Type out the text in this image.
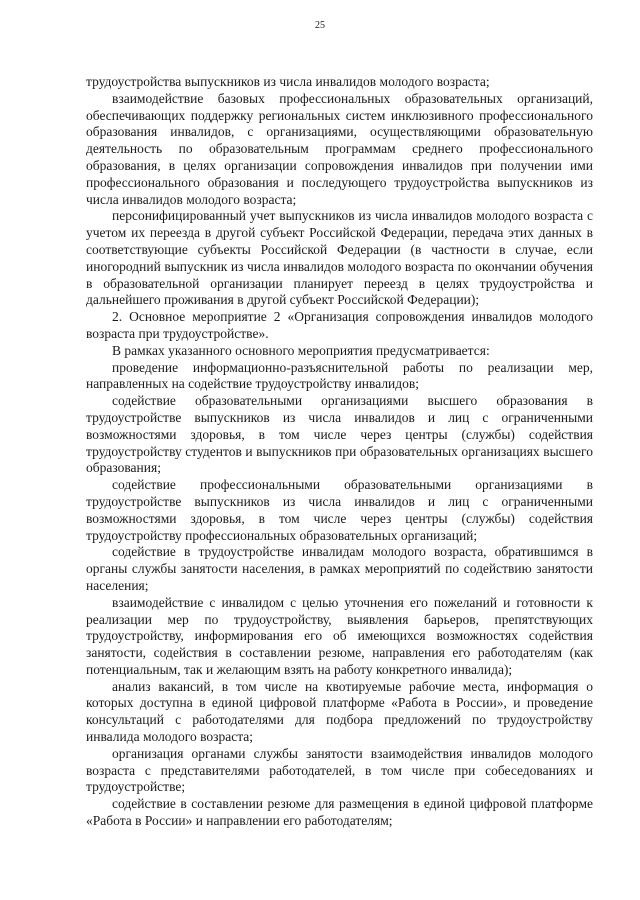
25

трудоустройства выпускников из числа инвалидов молодого возраста;

взаимодействие базовых профессиональных образовательных организаций, обеспечивающих поддержку региональных систем инклюзивного профессионального образования инвалидов, с организациями, осуществляющими образовательную деятельность по образовательным программам среднего профессионального образования, в целях организации сопровождения инвалидов при получении ими профессионального образования и последующего трудоустройства выпускников из числа инвалидов молодого возраста;

персонифицированный учет выпускников из числа инвалидов молодого возраста с учетом их переезда в другой субъект Российской Федерации, передача этих данных в соответствующие субъекты Российской Федерации (в частности в случае, если иногородний выпускник из числа инвалидов молодого возраста по окончании обучения в образовательной организации планирует переезд в целях трудоустройства и дальнейшего проживания в другой субъект Российской Федерации);

2. Основное мероприятие 2 «Организация сопровождения инвалидов молодого возраста при трудоустройстве».

В рамках указанного основного мероприятия предусматривается:

проведение информационно-разъяснительной работы по реализации мер, направленных на содействие трудоустройству инвалидов;

содействие образовательными организациями высшего образования в трудоустройстве выпускников из числа инвалидов и лиц с ограниченными возможностями здоровья, в том числе через центры (службы) содействия трудоустройству студентов и выпускников при образовательных организациях высшего образования;

содействие профессиональными образовательными организациями в трудоустройстве выпускников из числа инвалидов и лиц с ограниченными возможностями здоровья, в том числе через центры (службы) содействия трудоустройству профессиональных образовательных организаций;

содействие в трудоустройстве инвалидам молодого возраста, обратившимся в органы службы занятости населения, в рамках мероприятий по содействию занятости населения;

взаимодействие с инвалидом с целью уточнения его пожеланий и готовности к реализации мер по трудоустройству, выявления барьеров, препятствующих трудоустройству, информирования его об имеющихся возможностях содействия занятости, содействия в составлении резюме, направления его работодателям (как потенциальным, так и желающим взять на работу конкретного инвалида);

анализ вакансий, в том числе на квотируемые рабочие места, информация о которых доступна в единой цифровой платформе «Работа в России», и проведение консультаций с работодателями для подбора предложений по трудоустройству инвалида молодого возраста;

организация органами службы занятости взаимодействия инвалидов молодого возраста с представителями работодателей, в том числе при собеседованиях и трудоустройстве;

содействие в составлении резюме для размещения в единой цифровой платформе «Работа в России» и направлении его работодателям;
